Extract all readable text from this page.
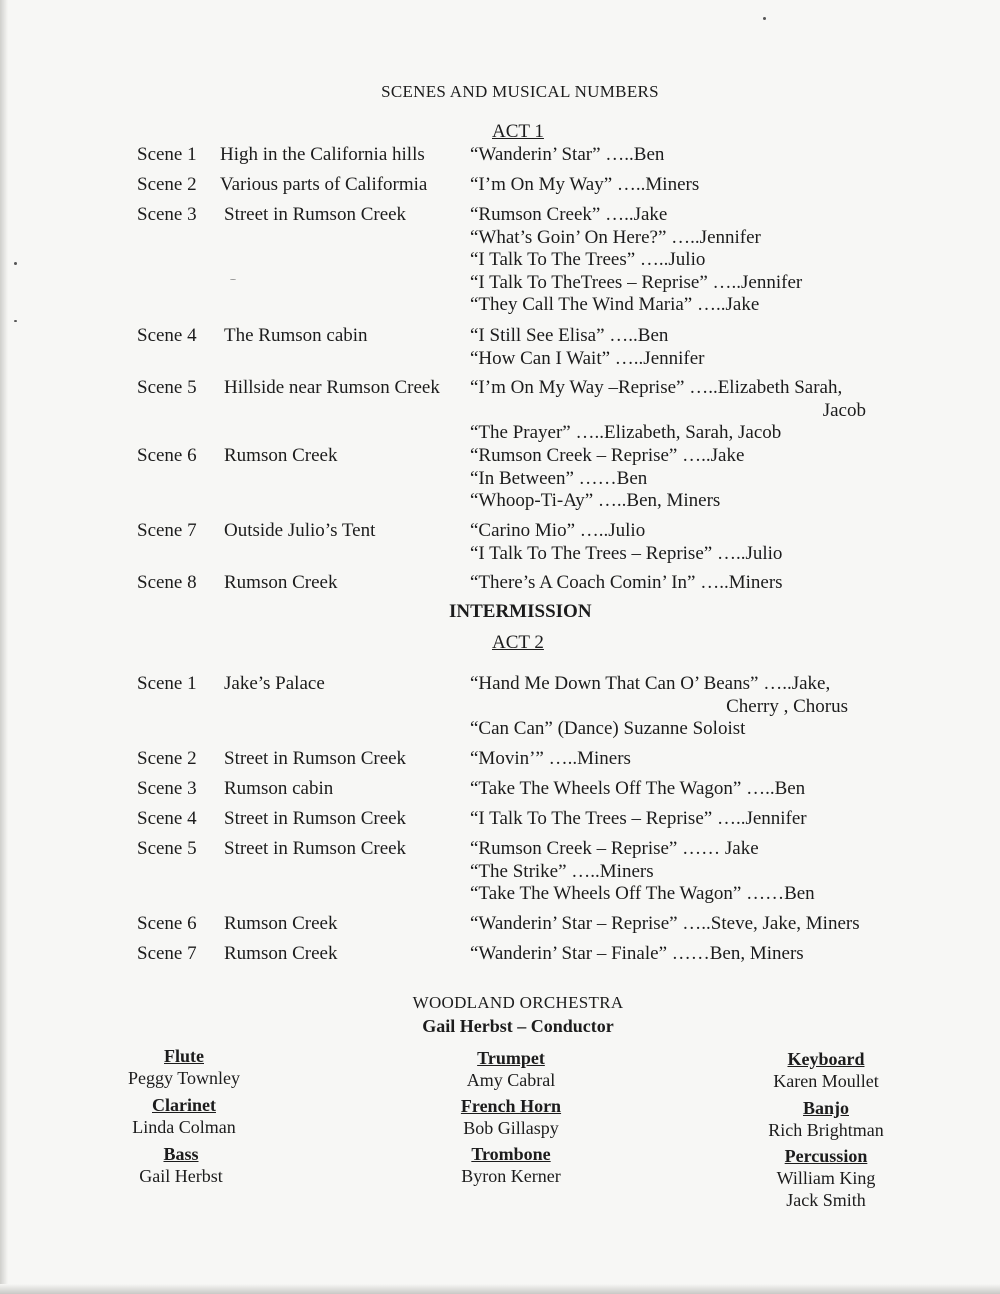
SCENES AND MUSICAL NUMBERS
ACT 1
Scene 1 High in the California hills “Wanderin’ Star” …..Ben
Scene 2 Various parts of Califormia “I’m On My Way” …..Miners
Scene 3 Street in Rumson Creek	“Rumson Creek” …..Jake
“What’s Goin’ On Here?” …..Jennifer
“I Talk To The Trees” …..Julio
“I Talk To TheTrees – Reprise” …..Jennifer
“They Call The Wind Maria” …..Jake
Scene 4 The Rumson cabin	“I Still See Elisa” …..Ben
“How Can I Wait” …..Jennifer
Scene 5 Hillside near Rumson Creek “I’m On My Way –Reprise” …..Elizabeth Sarah,
Jacob
“The Prayer” …..Elizabeth, Sarah, Jacob
Scene 6 Rumson Creek	“Rumson Creek – Reprise” …..Jake
“In Between” ……Ben
“Whoop-Ti-Ay” …..Ben, Miners
Scene 7 Outside Julio’s Tent	“Carino Mio” …..Julio
“I Talk To The Trees – Reprise” …..Julio
Scene 8 Rumson Creek	“There’s A Coach Comin’ In” …..Miners
INTERMISSION
ACT 2
Scene 1 Jake’s Palace	“Hand Me Down That Can O’ Beans” …..Jake,
Cherry , Chorus
“Can Can” (Dance) Suzanne Soloist
Scene 2 Street in Rumson Creek	“Movin’” …..Miners
Scene 3 Rumson cabin	“Take The Wheels Off The Wagon” …..Ben
Scene 4 Street in Rumson Creek	“I Talk To The Trees – Reprise” …..Jennifer
Scene 5 Street in Rumson Creek	“Rumson Creek – Reprise” …… Jake
“The Strike” …..Miners
“Take The Wheels Off The Wagon” ……Ben
Scene 6 Rumson Creek	“Wanderin’ Star – Reprise” …..Steve, Jake, Miners
Scene 7 Rumson Creek	“Wanderin’ Star – Finale” ……Ben, Miners
WOODLAND ORCHESTRA
Gail Herbst – Conductor
Flute
Peggy Townley
Clarinet
Linda Colman
Bass
Gail Herbst
Trumpet
Amy Cabral
French Horn
Bob Gillaspy
Trombone
Byron Kerner
Keyboard
Karen Moullet
Banjo
Rich Brightman
Percussion
William King
Jack Smith
